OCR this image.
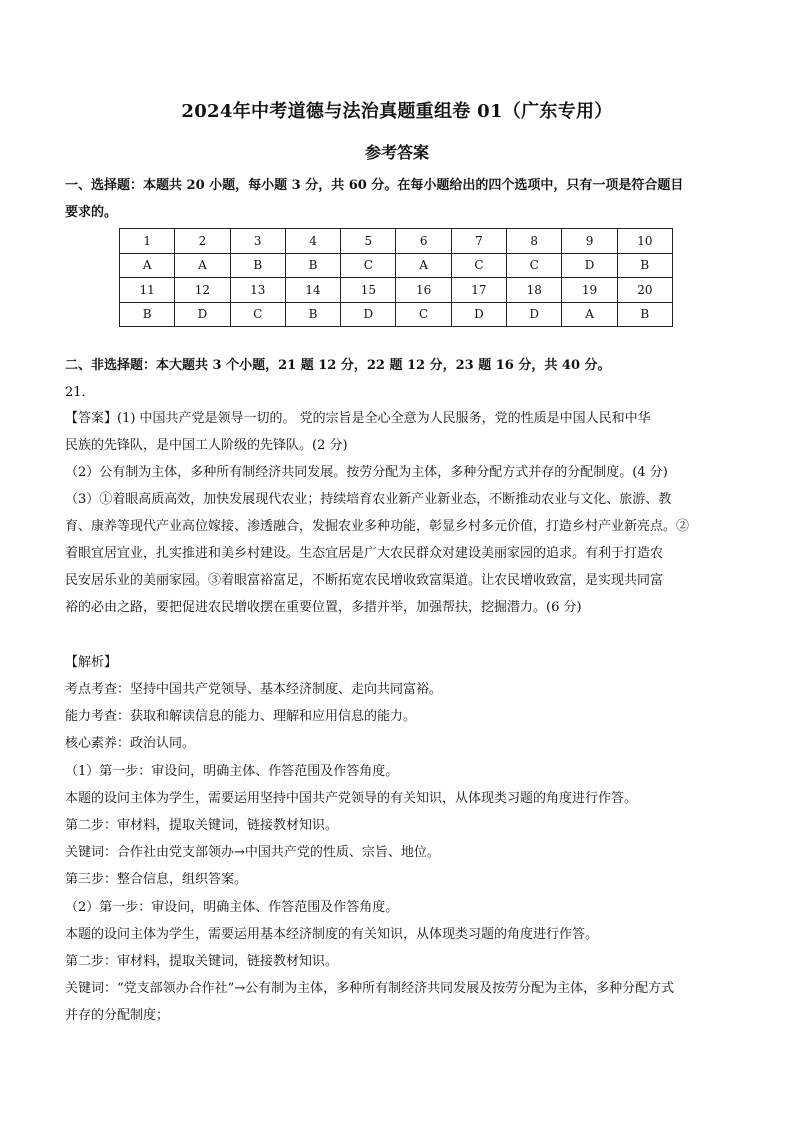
2024年中考道德与法治真题重组卷 01（广东专用）
参考答案
一、选择题：本题共 20 小题，每小题 3 分，共 60 分。在每小题给出的四个选项中，只有一项是符合题目
要求的。
1	2	3	4	5	6	7	8	9	10
A	A	B	B	C	A	C	C	D	B
11	12	13	14	15	16	17	18	19	20
B	D	C	B	D	C	D	D	A	B
二、非选择题：本大题共 3 个小题，21 题 12 分，22 题 12 分，23 题 16 分，共 40 分。
21．
【答案】(1) 中国共产党是领导一切的。 党的宗旨是全心全意为人民服务，党的性质是中国人民和中华
民族的先锋队，是中国工人阶级的先锋队。(2 分)
（2）公有制为主体，多种所有制经济共同发展。按劳分配为主体，多种分配方式并存的分配制度。(4 分)
（3）①着眼高质高效，加快发展现代农业；持续培育农业新产业新业态，不断推动农业与文化、旅游、教
育、康养等现代产业高位嫁接、渗透融合，发掘农业多种功能，彰显乡村多元价值，打造乡村产业新亮点。②
着眼宜居宜业，扎实推进和美乡村建设。生态宜居是广大农民群众对建设美丽家园的追求。有利于打造农
民安居乐业的美丽家园。③着眼富裕富足，不断拓宽农民增收致富渠道。让农民增收致富，是实现共同富
裕的必由之路，要把促进农民增收摆在重要位置，多措并举，加强帮扶，挖掘潜力。(6 分)
【解析】
考点考查：坚持中国共产党领导、基本经济制度、走向共同富裕。
能力考查：获取和解读信息的能力、理解和应用信息的能力。
核心素养：政治认同。
（1）第一步：审设问，明确主体、作答范围及作答角度。
本题的设问主体为学生，需要运用坚持中国共产党领导的有关知识，从体现类习题的角度进行作答。
第二步：审材料，提取关键词，链接教材知识。
关键词：合作社由党支部领办→中国共产党的性质、宗旨、地位。
第三步：整合信息，组织答案。
（2）第一步：审设问，明确主体、作答范围及作答角度。
本题的设问主体为学生，需要运用基本经济制度的有关知识，从体现类习题的角度进行作答。
第二步：审材料，提取关键词，链接教材知识。
关键词：“党支部领办合作社”→公有制为主体，多种所有制经济共同发展及按劳分配为主体，多种分配方式
并存的分配制度；
